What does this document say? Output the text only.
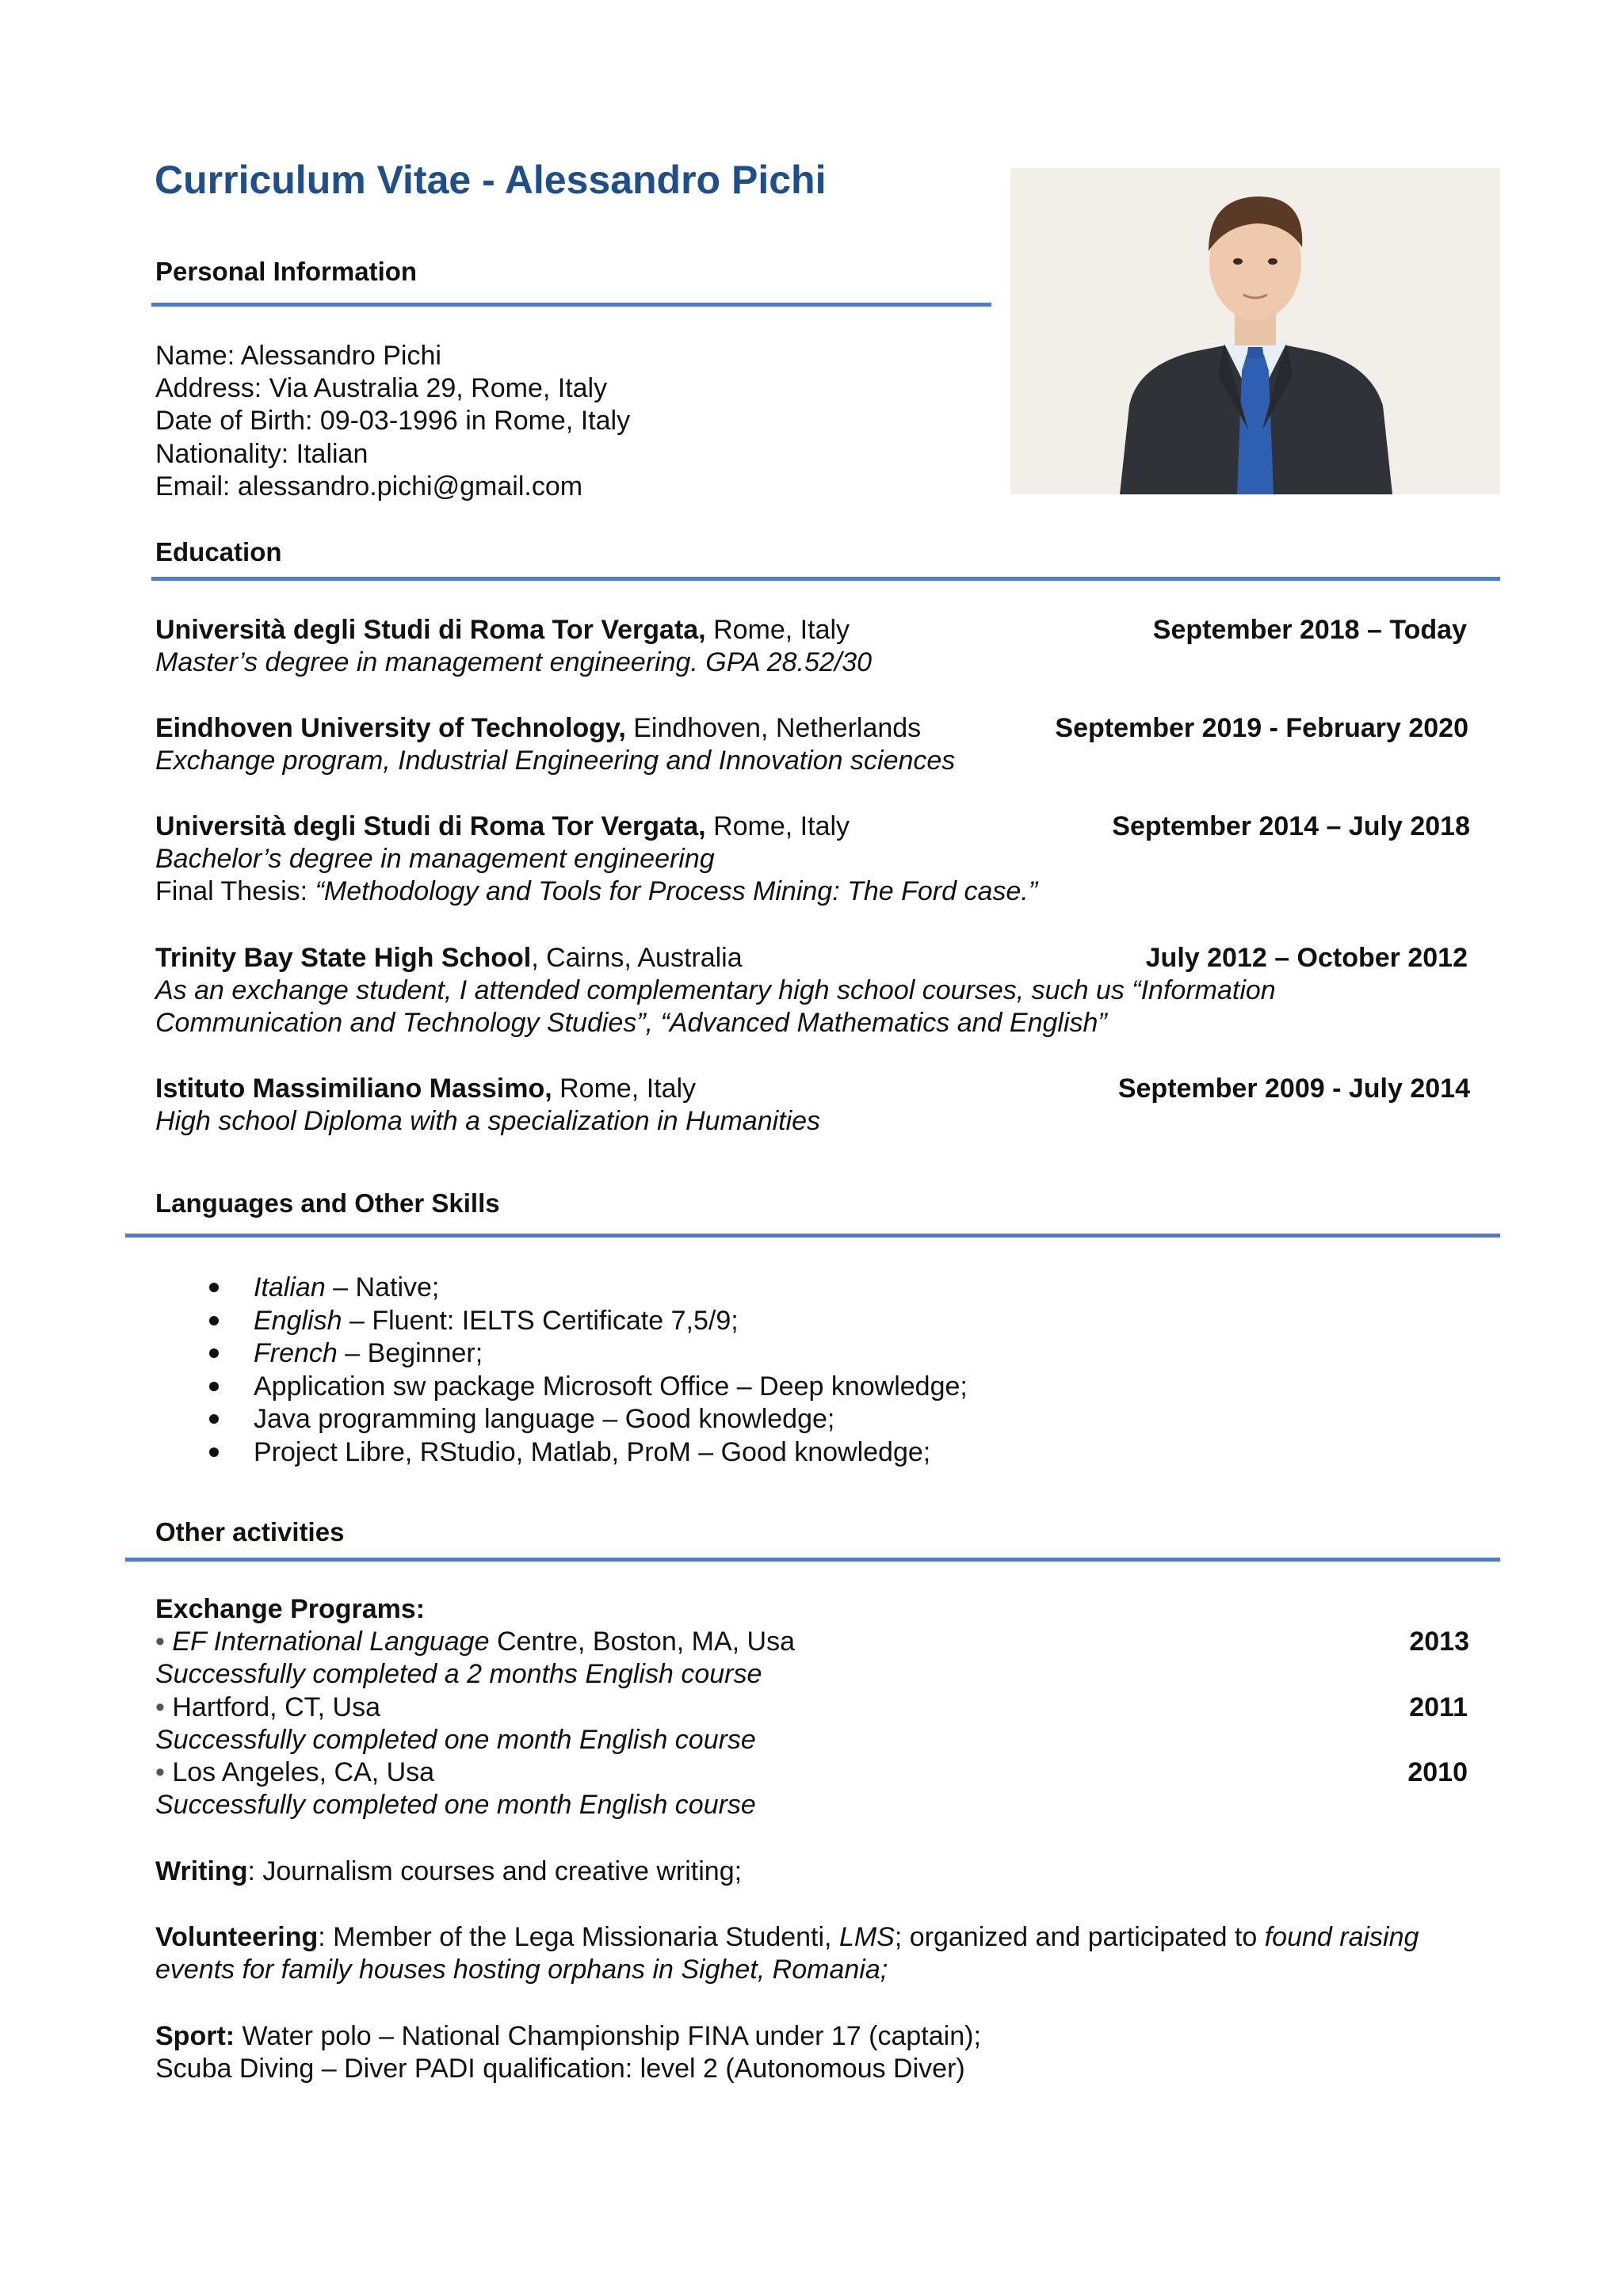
Curriculum Vitae - Alessandro Pichi
Personal Information
Name: Alessandro Pichi
Address: Via Australia 29, Rome, Italy
Date of Birth: 09-03-1996 in Rome, Italy
Nationality: Italian
Email: alessandro.pichi@gmail.com
Education
Università degli Studi di Roma Tor Vergata, Rome, Italy	September 2018 – Today
Master’s degree in management engineering. GPA 28.52/30
Eindhoven University of Technology, Eindhoven, Netherlands	September 2019 - February 2020
Exchange program, Industrial Engineering and Innovation sciences
Università degli Studi di Roma Tor Vergata, Rome, Italy	September 2014 – July 2018
Bachelor’s degree in management engineering
Final Thesis: “Methodology and Tools for Process Mining: The Ford case.”
Trinity Bay State High School, Cairns, Australia	July 2012 – October 2012
As an exchange student, I attended complementary high school courses, such us “Information
Communication and Technology Studies”, “Advanced Mathematics and English”
Istituto Massimiliano Massimo, Rome, Italy	September 2009 - July 2014
High school Diploma with a specialization in Humanities
Languages and Other Skills
Italian – Native;
English – Fluent: IELTS Certificate 7,5/9;
French – Beginner;
Application sw package Microsoft Office – Deep knowledge;
Java programming language – Good knowledge;
Project Libre, RStudio, Matlab, ProM – Good knowledge;
Other activities
Exchange Programs:
• EF International Language Centre, Boston, MA, Usa	2013
Successfully completed a 2 months English course
• Hartford, CT, Usa	2011
Successfully completed one month English course
• Los Angeles, CA, Usa	2010
Successfully completed one month English course
Writing: Journalism courses and creative writing;
Volunteering: Member of the Lega Missionaria Studenti, LMS; organized and participated to found raising
events for family houses hosting orphans in Sighet, Romania;
Sport: Water polo – National Championship FINA under 17 (captain);
Scuba Diving – Diver PADI qualification: level 2 (Autonomous Diver)
